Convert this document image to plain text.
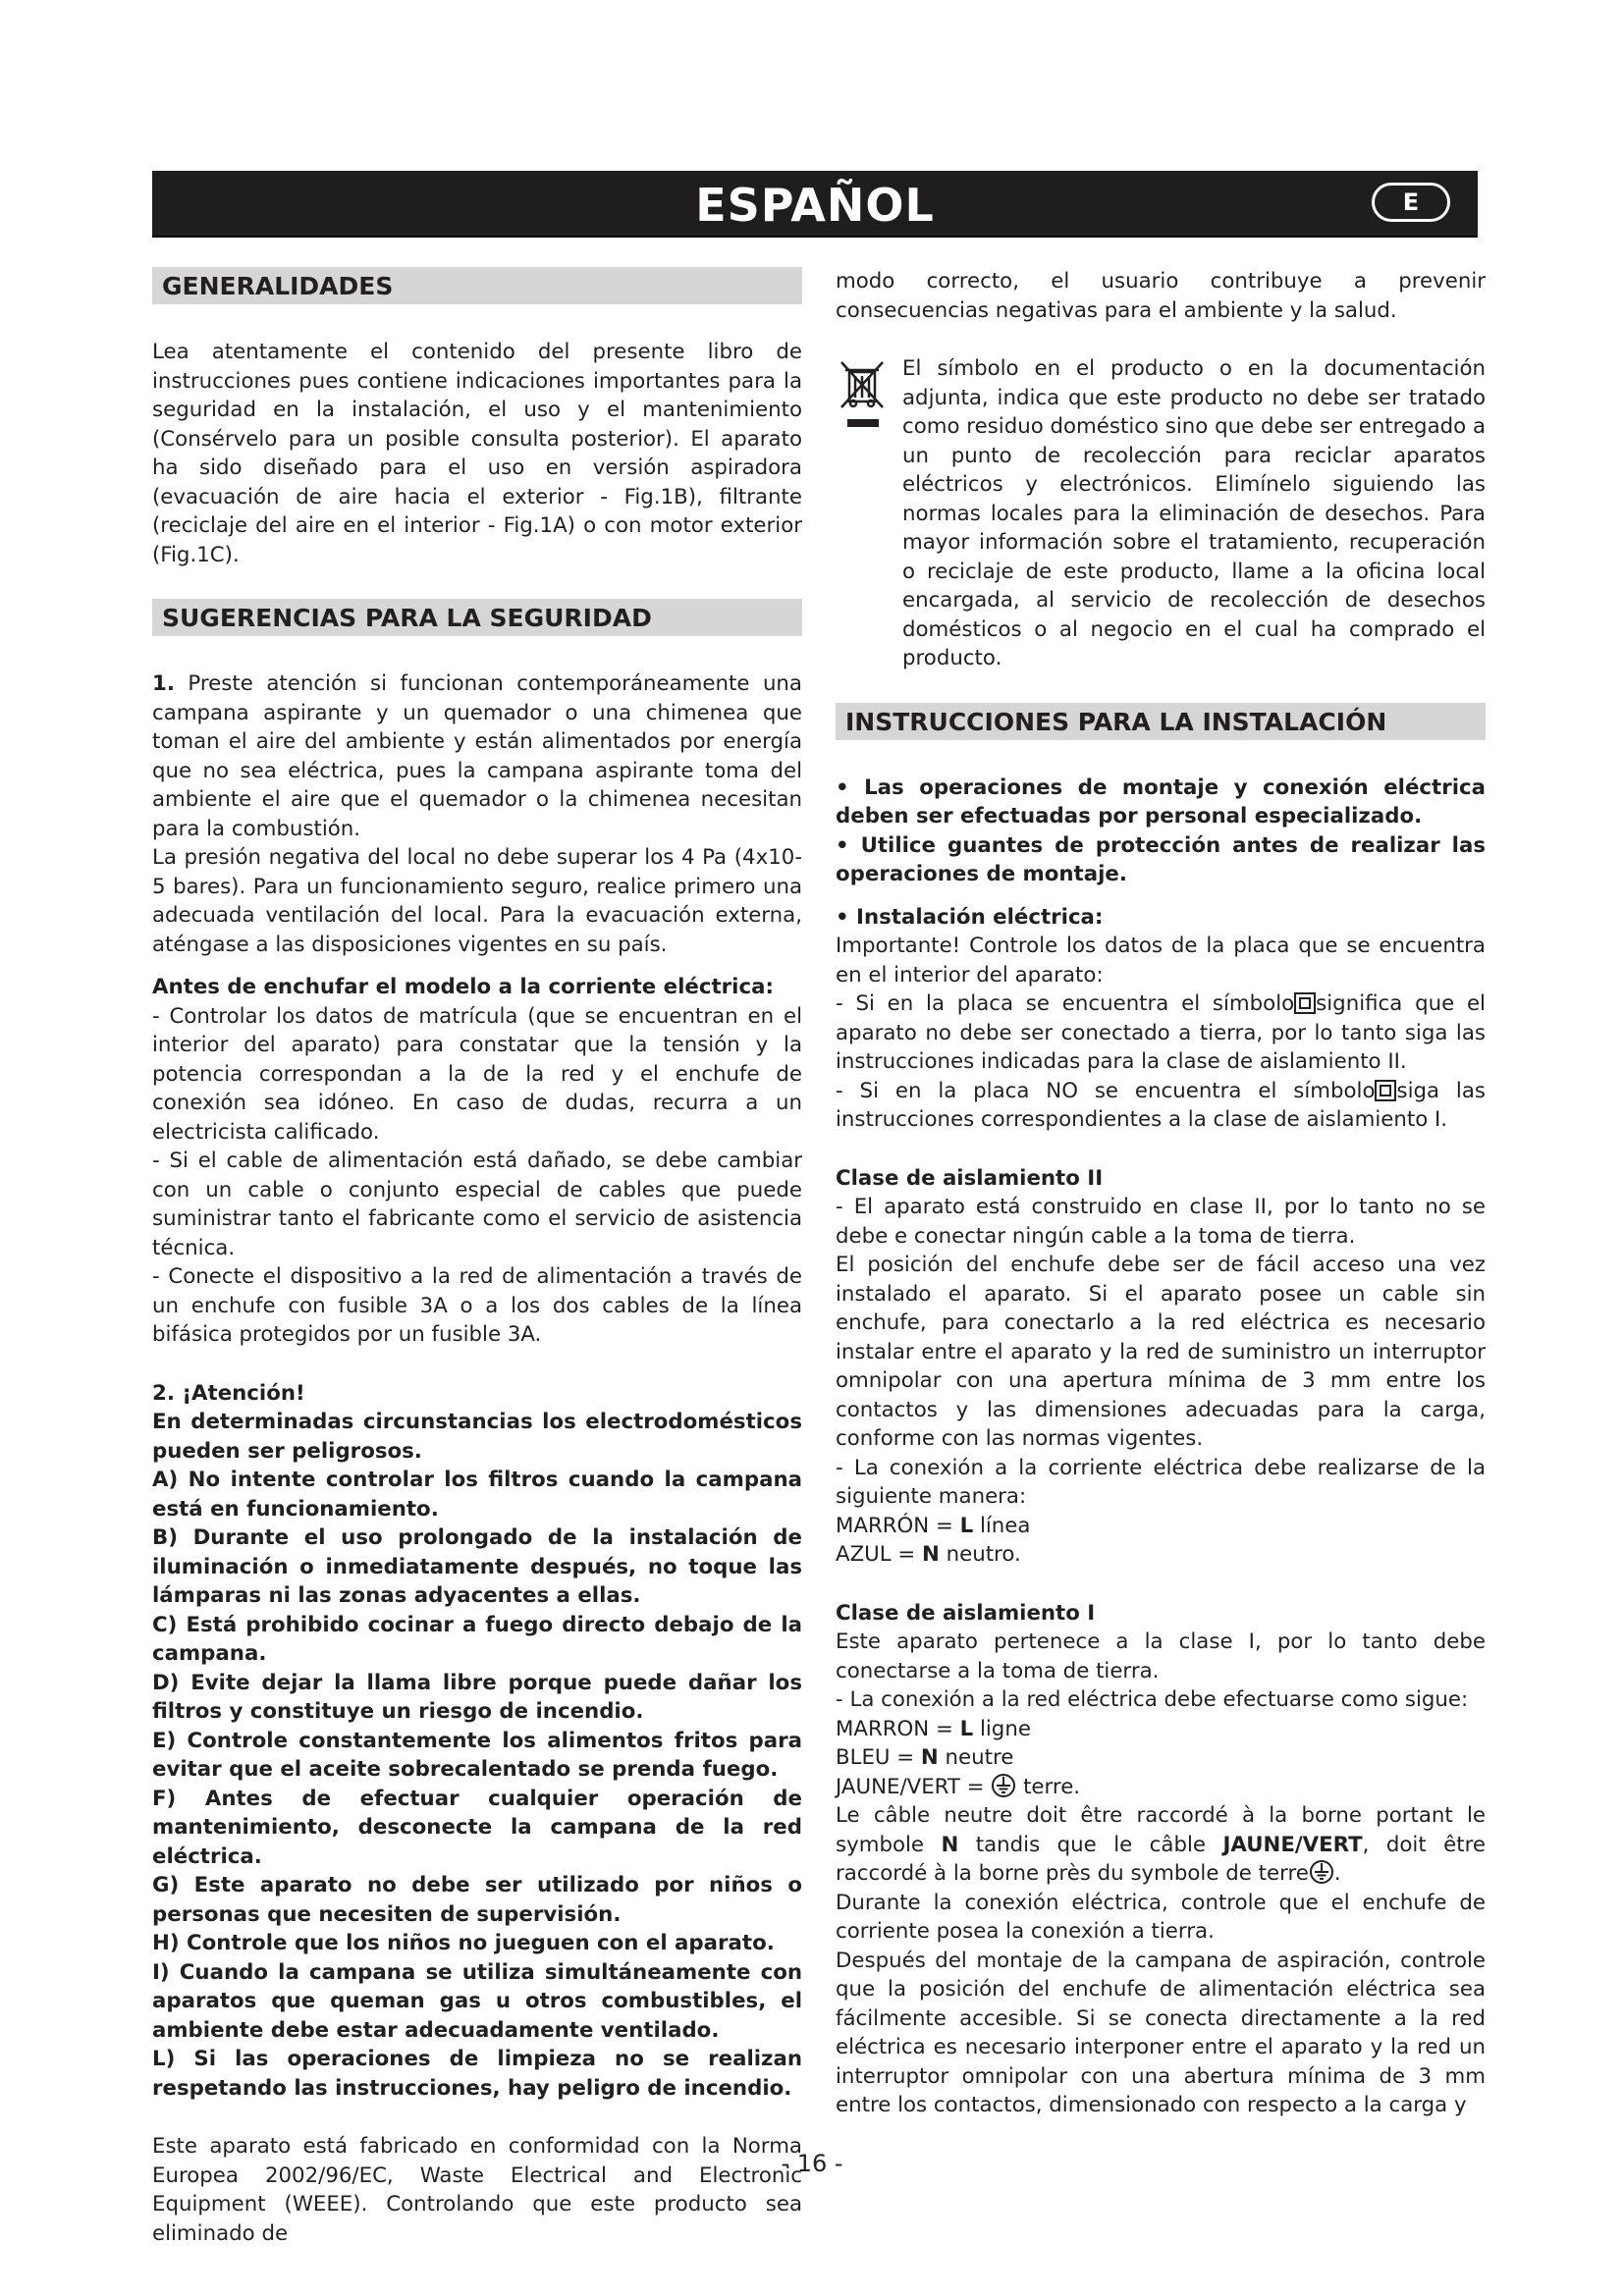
ESPAÑOL	E
GENERALIDADES

Lea atentamente el contenido del presente libro de instrucciones pues contiene indicaciones importantes para la seguridad en la instalación, el uso y el mantenimiento (Consérvelo para un posible consulta posterior). El aparato ha sido diseñado para el uso en versión aspiradora (evacuación de aire hacia el exterior - Fig.1B), filtrante (reciclaje del aire en el interior - Fig.1A) o con motor exterior (Fig.1C).

SUGERENCIAS PARA LA SEGURIDAD

1. Preste atención si funcionan contemporáneamente una campana aspirante y un quemador o una chimenea que toman el aire del ambiente y están alimentados por energía que no sea eléctrica, pues la campana aspirante toma del ambiente el aire que el quemador o la chimenea necesitan para la combustión.

La presión negativa del local no debe superar los 4 Pa (4x10-5 bares). Para un funcionamiento seguro, realice primero una adecuada ventilación del local. Para la evacuación externa, aténgase a las disposiciones vigentes en su país.

Antes de enchufar el modelo a la corriente eléctrica:

- Controlar los datos de matrícula (que se encuentran en el interior del aparato) para constatar que la tensión y la potencia correspondan a la de la red y el enchufe de conexión sea idóneo. En caso de dudas, recurra a un electricista calificado.

- Si el cable de alimentación está dañado, se debe cambiar con un cable o conjunto especial de cables que puede suministrar tanto el fabricante como el servicio de asistencia técnica.

- Conecte el dispositivo a la red de alimentación a través de un enchufe con fusible 3A o a los dos cables de la línea bifásica protegidos por un fusible 3A.

2. ¡Atención!

En determinadas circunstancias los electrodomésticos pueden ser peligrosos.

A) No intente controlar los filtros cuando la campana está en funcionamiento.

B) Durante el uso prolongado de la instalación de iluminación o inmediatamente después, no toque las lámparas ni las zonas adyacentes a ellas.

C) Está prohibido cocinar a fuego directo debajo de la campana.

D) Evite dejar la llama libre porque puede dañar los filtros y constituye un riesgo de incendio.

E) Controle constantemente los alimentos fritos para evitar que el aceite sobrecalentado se prenda fuego.

F) Antes de efectuar cualquier operación de mantenimiento, desconecte la campana de la red eléctrica.

G) Este aparato no debe ser utilizado por niños o personas que necesiten de supervisión.

H) Controle que los niños no jueguen con el aparato.

I) Cuando la campana se utiliza simultáneamente con aparatos que queman gas u otros combustibles, el ambiente debe estar adecuadamente ventilado.

L) Si las operaciones de limpieza no se realizan respetando las instrucciones, hay peligro de incendio.

Este aparato está fabricado en conformidad con la Norma Europea 2002/96/EC, Waste Electrical and Electronic Equipment (WEEE). Controlando que este producto sea eliminado de

modo correcto, el usuario contribuye a prevenir consecuencias negativas para el ambiente y la salud.

El símbolo en el producto o en la documentación adjunta, indica que este producto no debe ser tratado como residuo doméstico sino que debe ser entregado a un punto de recolección para reciclar aparatos eléctricos y electrónicos. Elimínelo siguiendo las normas locales para la eliminación de desechos. Para mayor información sobre el tratamiento, recuperación o reciclaje de este producto, llame a la oficina local encargada, al servicio de recolección de desechos domésticos o al negocio en el cual ha comprado el producto.

INSTRUCCIONES PARA LA INSTALACIÓN

• Las operaciones de montaje y conexión eléctrica deben ser efectuadas por personal especializado.

• Utilice guantes de protección antes de realizar las operaciones de montaje.

• Instalación eléctrica:

Importante! Controle los datos de la placa que se encuentra en el interior del aparato:

- Si en la placa se encuentra el símbolo significa que el aparato no debe ser conectado a tierra, por lo tanto siga las instrucciones indicadas para la clase de aislamiento II.

- Si en la placa NO se encuentra el símbolo siga las instrucciones correspondientes a la clase de aislamiento I.

Clase de aislamiento II

- El aparato está construido en clase II, por lo tanto no se debe e conectar ningún cable a la toma de tierra.

El posición del enchufe debe ser de fácil acceso una vez instalado el aparato. Si el aparato posee un cable sin enchufe, para conectarlo a la red eléctrica es necesario instalar entre el aparato y la red de suministro un interruptor omnipolar con una apertura mínima de 3 mm entre los contactos y las dimensiones adecuadas para la carga, conforme con las normas vigentes.

- La conexión a la corriente eléctrica debe realizarse de la siguiente manera:

MARRÓN = L línea

AZUL = N neutro.

Clase de aislamiento I

Este aparato pertenece a la clase I, por lo tanto debe conectarse a la toma de tierra.

- La conexión a la red eléctrica debe efectuarse como sigue:

MARRON = L ligne

BLEU = N neutre

JAUNE/VERT =  terre.

Le câble neutre doit être raccordé à la borne portant le symbole N tandis que le câble JAUNE/VERT, doit être raccordé à la borne près du symbole de terre .

Durante la conexión eléctrica, controle que el enchufe de corriente posea la conexión a tierra.

Después del montaje de la campana de aspiración, controle que la posición del enchufe de alimentación eléctrica sea fácilmente accesible. Si se conecta directamente a la red eléctrica es necesario interponer entre el aparato y la red un interruptor omnipolar con una abertura mínima de 3 mm entre los contactos, dimensionado con respecto a la carga y

- 16 -
